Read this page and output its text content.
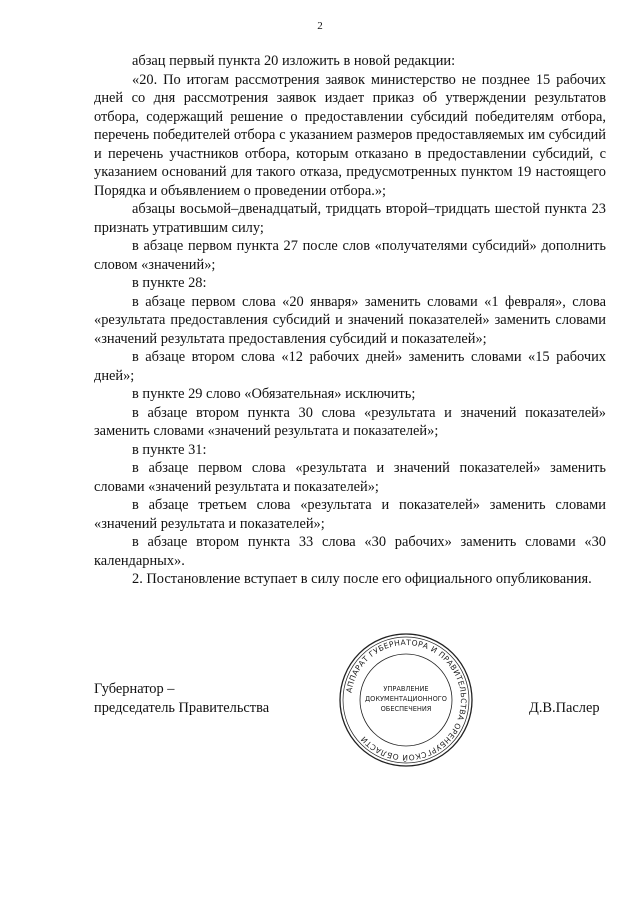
2

абзац первый пункта 20 изложить в новой редакции:

«20. По итогам рассмотрения заявок министерство не позднее 15 рабочих дней со дня рассмотрения заявок издает приказ об утверждении результатов отбора, содержащий решение о предоставлении субсидий победителям отбора, перечень победителей отбора с указанием размеров предоставляемых им субсидий и перечень участников отбора, которым отказано в предоставлении субсидий, с указанием оснований для такого отказа, предусмотренных пунктом 19 настоящего Порядка и объявлением о проведении отбора.»;

абзацы восьмой–двенадцатый, тридцать второй–тридцать шестой пункта 23 признать утратившим силу;

в абзаце первом пункта 27 после слов «получателями субсидий» дополнить словом «значений»;

в пункте 28:

в абзаце первом слова «20 января» заменить словами «1 февраля», слова «результата предоставления субсидий и значений показателей» заменить словами «значений результата предоставления субсидий и показателей»;

в абзаце втором слова «12 рабочих дней» заменить словами «15 рабочих дней»;

в пункте 29 слово «Обязательная» исключить;

в абзаце втором пункта 30 слова «результата и значений показателей» заменить словами «значений результата и показателей»;

в пункте 31:

в абзаце первом слова «результата и значений показателей» заменить словами «значений результата и показателей»;

в абзаце третьем слова «результата и показателей» заменить словами «значений результата и показателей»;

в абзаце втором пункта 33 слова «30 рабочих» заменить словами «30 календарных».

2. Постановление вступает в силу после его официального опубликования.

Губернатор –
председатель Правительства
АППАРАТ ГУБЕРНАТОРА И ПРАВИТЕЛЬСТВА ОРЕНБУРГСКОЙ ОБЛАСТИ
УПРАВЛЕНИЕ
ДОКУМЕНТАЦИОННОГО
ОБЕСПЕЧЕНИЯ	Д.В.Паслер
